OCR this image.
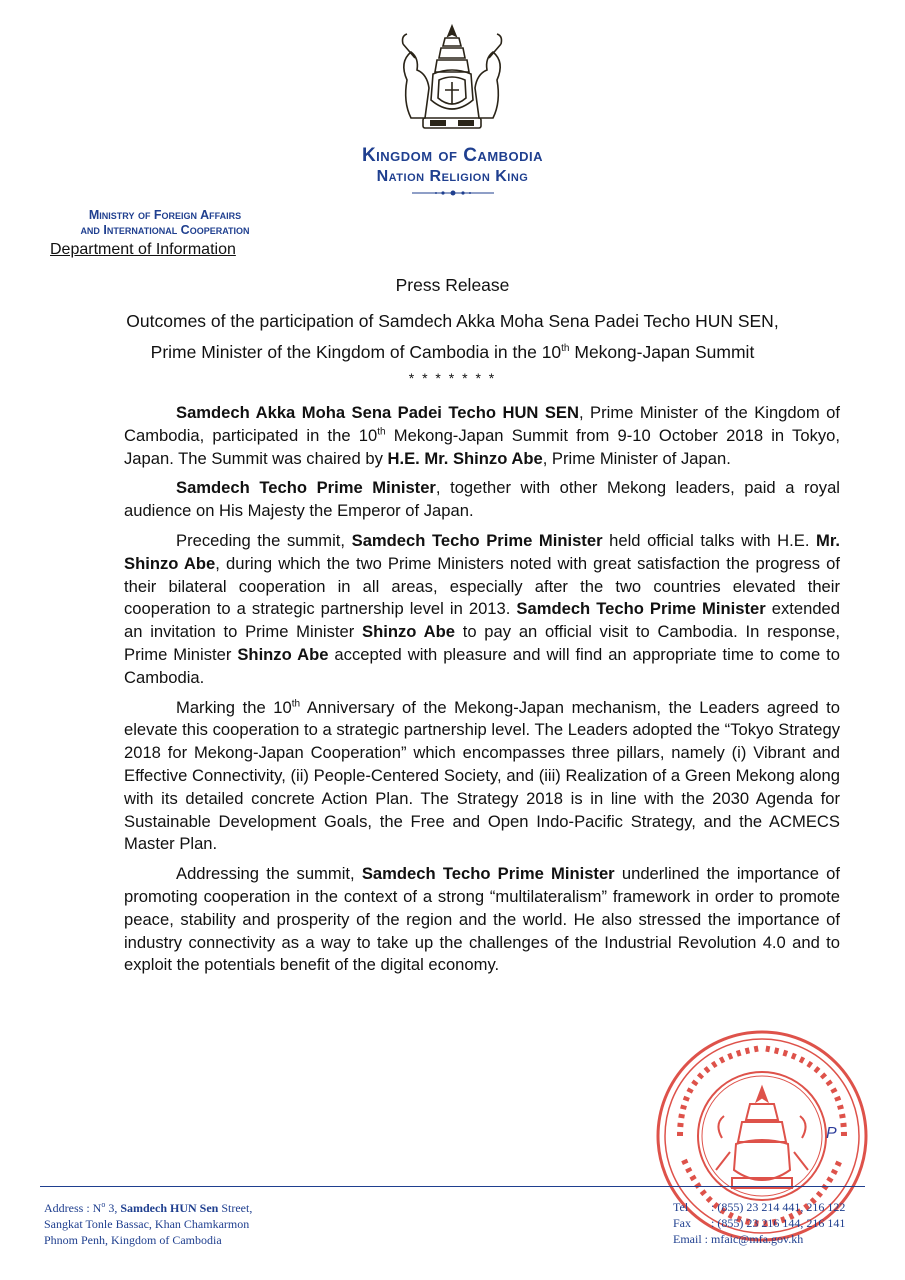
Kingdom of Cambodia
Nation Religion King
Ministry of Foreign Affairs
and International Cooperation
Department of Information
Press Release
Outcomes of the participation of Samdech Akka Moha Sena Padei Techo HUN SEN,
Prime Minister of the Kingdom of Cambodia in the 10th Mekong-Japan Summit
* * * * * * *

Samdech Akka Moha Sena Padei Techo HUN SEN, Prime Minister of the Kingdom of Cambodia, participated in the 10th Mekong-Japan Summit from 9-10 October 2018 in Tokyo, Japan. The Summit was chaired by H.E. Mr. Shinzo Abe, Prime Minister of Japan.

Samdech Techo Prime Minister, together with other Mekong leaders, paid a royal audience on His Majesty the Emperor of Japan.

Preceding the summit, Samdech Techo Prime Minister held official talks with H.E. Mr. Shinzo Abe, during which the two Prime Ministers noted with great satisfaction the progress of their bilateral cooperation in all areas, especially after the two countries elevated their cooperation to a strategic partnership level in 2013. Samdech Techo Prime Minister extended an invitation to Prime Minister Shinzo Abe to pay an official visit to Cambodia. In response, Prime Minister Shinzo Abe accepted with pleasure and will find an appropriate time to come to Cambodia.

Marking the 10th Anniversary of the Mekong-Japan mechanism, the Leaders agreed to elevate this cooperation to a strategic partnership level. The Leaders adopted the “Tokyo Strategy 2018 for Mekong-Japan Cooperation” which encompasses three pillars, namely (i) Vibrant and Effective Connectivity, (ii) People-Centered Society, and (iii) Realization of a Green Mekong along with its detailed concrete Action Plan. The Strategy 2018 is in line with the 2030 Agenda for Sustainable Development Goals, the Free and Open Indo-Pacific Strategy, and the ACMECS Master Plan.

Addressing the summit, Samdech Techo Prime Minister underlined the importance of promoting cooperation in the context of a strong “multilateralism” framework in order to promote peace, stability and prosperity of the region and the world. He also stressed the importance of industry connectivity as a way to take up the challenges of the Industrial Revolution 4.0 and to exploit the potentials benefit of the digital economy.

P
Address : $N^o$ 3, Samdech HUN Sen Street,
Sangkat Tonle Bassac, Khan Chamkarmon
Phnom Penh, Kingdom of Cambodia
Tel : (855) 23 214 441, 216 122
Fax : (855) 23 216 144, 216 141
Email : mfaic@mfa.gov.kh
